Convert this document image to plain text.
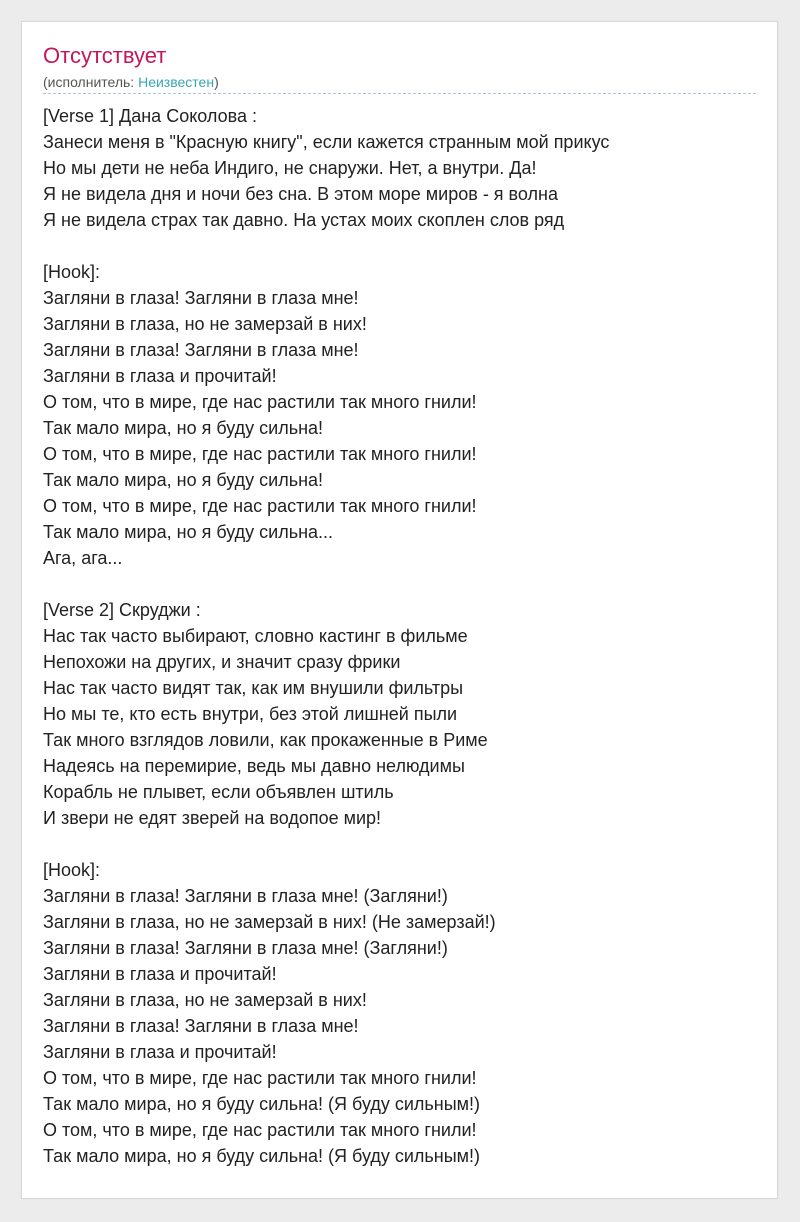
Отсутствует
(исполнитель: Неизвестен)
[Verse 1] Дана Соколова :
Занеси меня в "Красную книгу", если кажется странным мой прикус
Но мы дети не неба Индиго, не снаружи. Нет, а внутри. Да!
Я не видела дня и ночи без сна. В этом море миров - я волна
Я не видела страх так давно. На устах моих скоплен слов ряд
[Hook]:
Загляни в глаза! Загляни в глаза мне!
Загляни в глаза, но не замерзай в них!
Загляни в глаза! Загляни в глаза мне!
Загляни в глаза и прочитай!
О том, что в мире, где нас растили так много гнили!
Так мало мира, но я буду сильна!
О том, что в мире, где нас растили так много гнили!
Так мало мира, но я буду сильна!
О том, что в мире, где нас растили так много гнили!
Так мало мира, но я буду сильна...
Ага, ага...
[Verse 2] Скруджи :
Нас так часто выбирают, словно кастинг в фильме
Непохожи на других, и значит сразу фрики
Нас так часто видят так, как им внушили фильтры
Но мы те, кто есть внутри, без этой лишней пыли
Так много взглядов ловили, как прокаженные в Риме
Надеясь на перемирие, ведь мы давно нелюдимы
Корабль не плывет, если объявлен штиль
И звери не едят зверей на водопое мир!
[Hook]:
Загляни в глаза! Загляни в глаза мне! (Загляни!)
Загляни в глаза, но не замерзай в них! (Не замерзай!)
Загляни в глаза! Загляни в глаза мне! (Загляни!)
Загляни в глаза и прочитай!
Загляни в глаза, но не замерзай в них!
Загляни в глаза! Загляни в глаза мне!
Загляни в глаза и прочитай!
О том, что в мире, где нас растили так много гнили!
Так мало мира, но я буду сильна! (Я буду сильным!)
О том, что в мире, где нас растили так много гнили!
Так мало мира, но я буду сильна! (Я буду сильным!)
